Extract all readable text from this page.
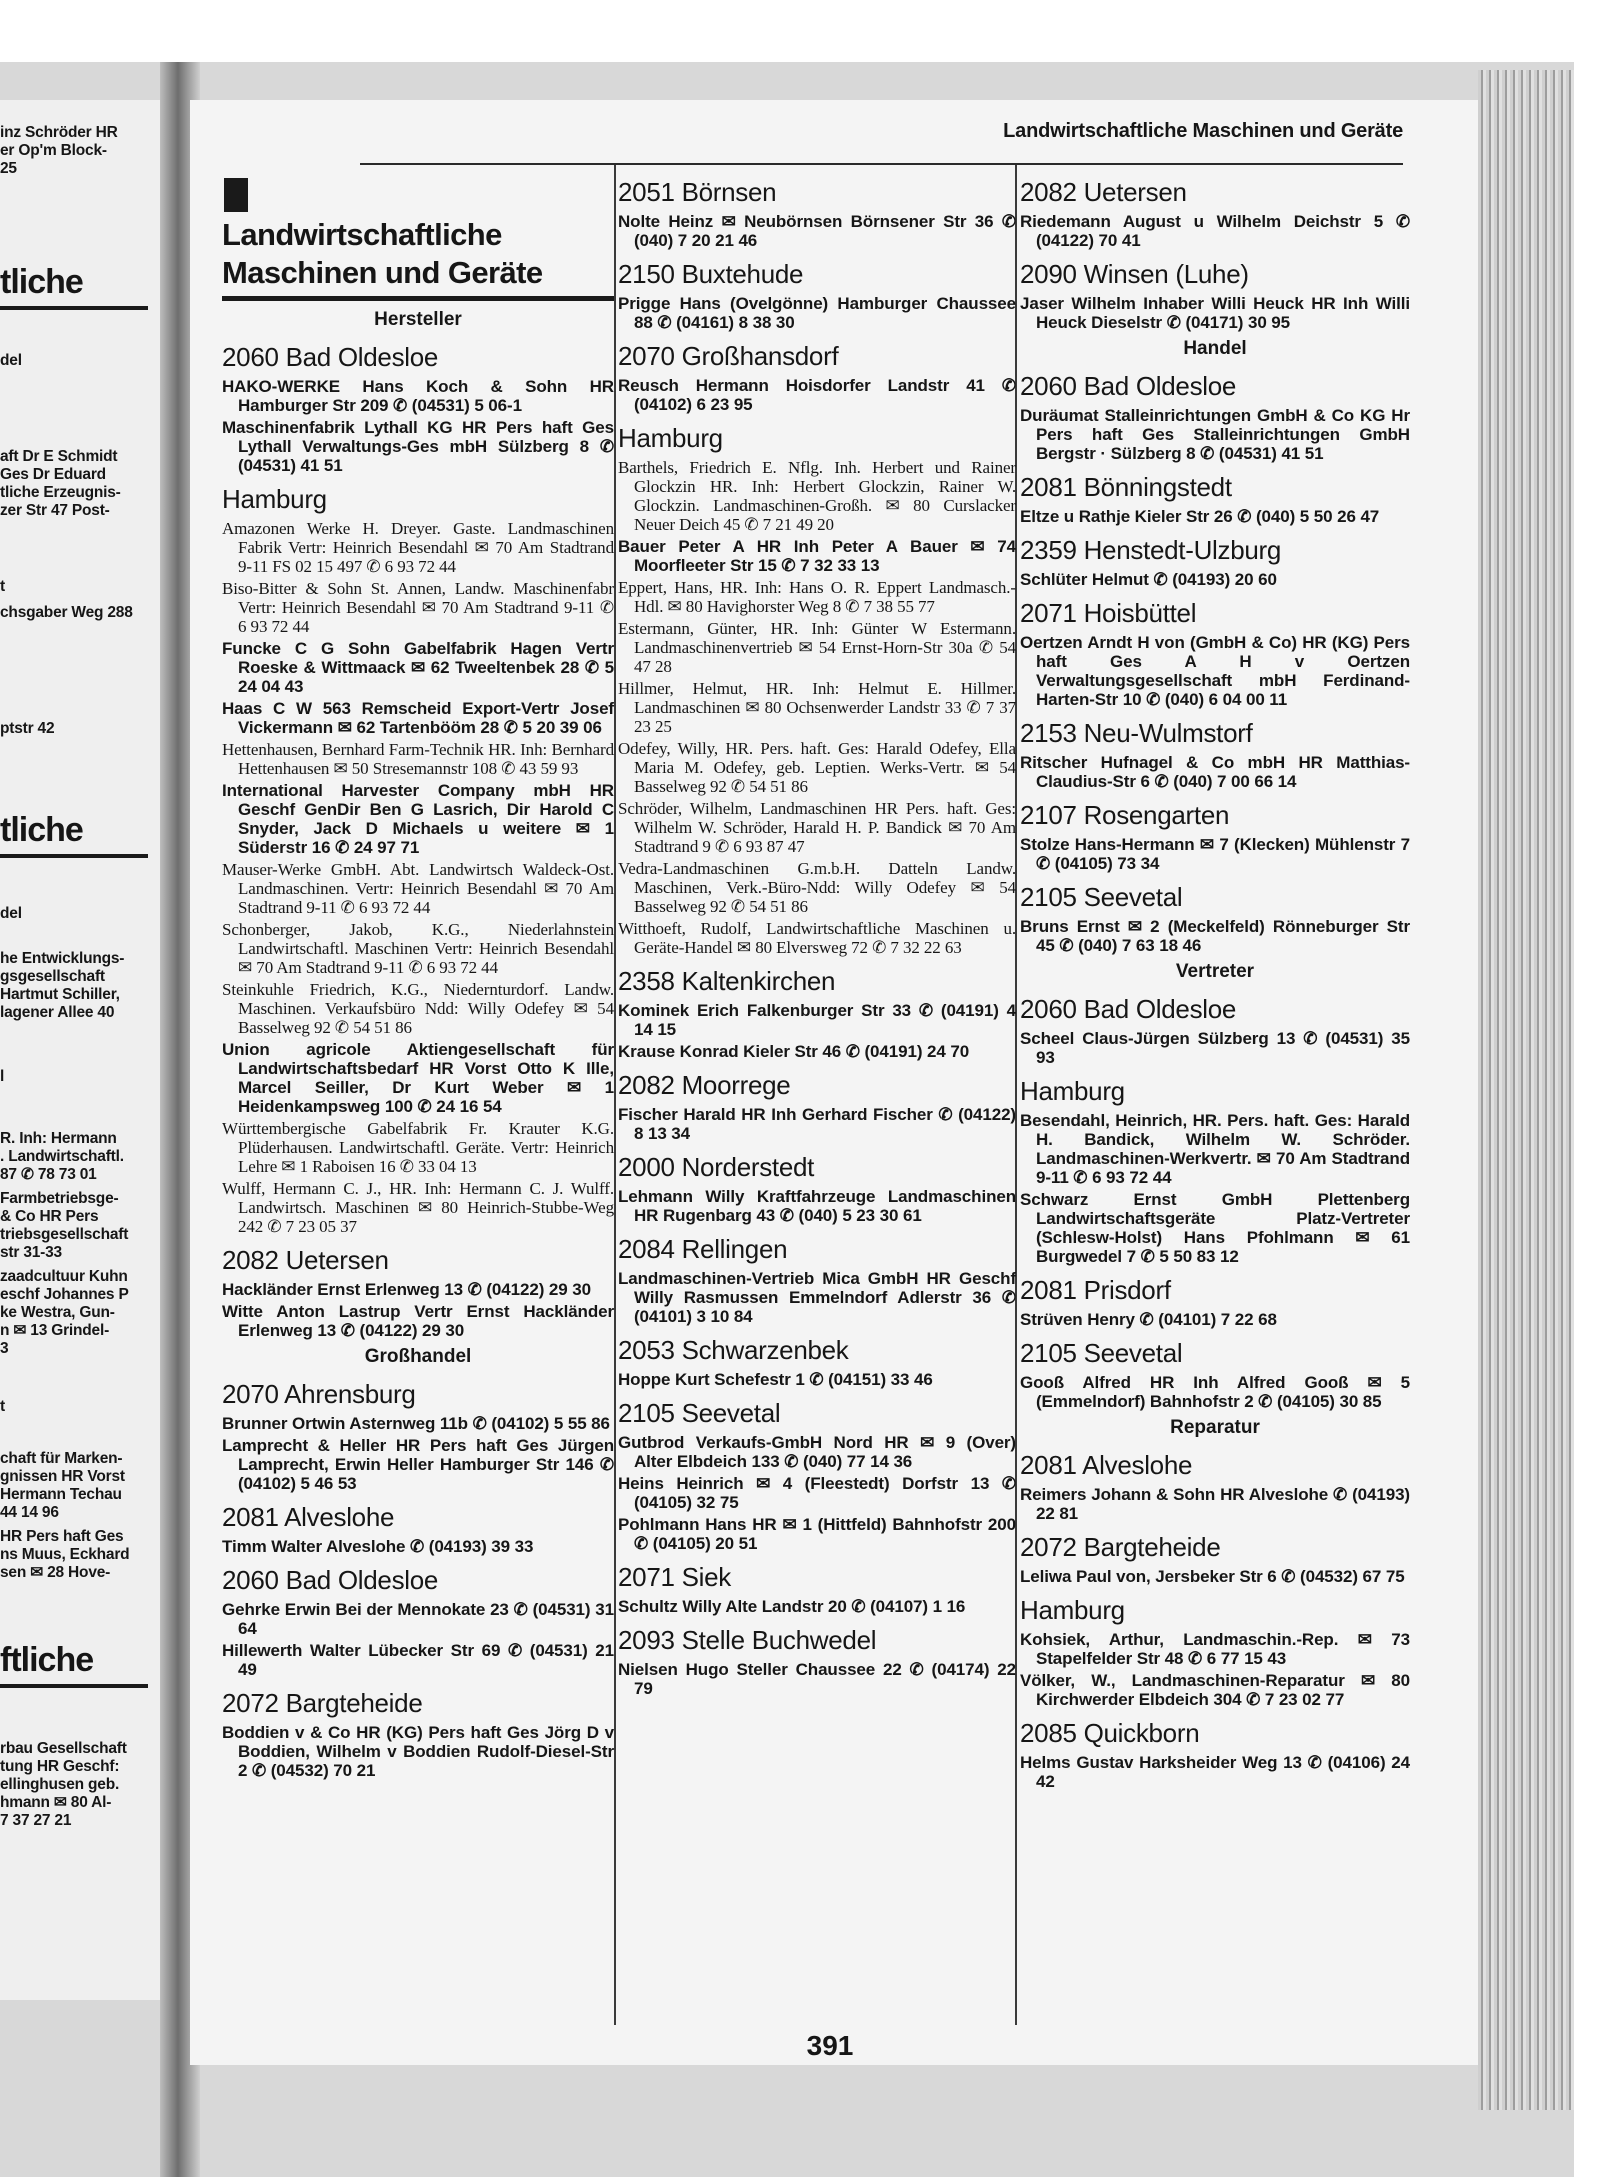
inz Schröder HR
er Op'm Block-
25
tliche
del
aft Dr E Schmidt
Ges Dr Eduard
tliche Erzeugnis-
zer Str 47 Post-
t
chsgaber Weg 288
ptstr 42
tliche
del
he Entwicklungs-
gsgesellschaft
Hartmut Schiller,
lagener Allee 40
l
R. Inh: Hermann
. Landwirtschaftl.
87 ✆ 78 73 01
Farmbetriebsge-
& Co HR Pers
triebsgesellschaft
str 31-33
zaadcultuur Kuhn
eschf Johannes P
ke Westra, Gun-
n ✉ 13 Grindel-
3
t
chaft für Marken-
gnissen HR Vorst
Hermann Techau
44 14 96
HR Pers haft Ges
ns Muus, Eckhard
sen ✉ 28 Hove-
ftliche
rbau Gesellschaft
tung HR Geschf:
ellinghusen geb.
hmann ✉ 80 Al-
7 37 27 21
Landwirtschaftliche Maschinen und Geräte
Landwirtschaftliche Maschinen und Geräte
Hersteller
2060 Bad Oldesloe
HAKO-WERKE Hans Koch & Sohn HR Hamburger Str 209 ✆ (04531) 5 06-1
Maschinenfabrik Lythall KG HR Pers haft Ges Lythall Verwaltungs-Ges mbH Sülzberg 8 ✆ (04531) 41 51
Hamburg
Amazonen Werke H. Dreyer. Gaste. Landmaschinen Fabrik Vertr: Heinrich Besendahl ✉ 70 Am Stadtrand 9-11 FS 02 15 497 ✆ 6 93 72 44
Biso-Bitter & Sohn St. Annen, Landw. Maschinenfabr Vertr: Heinrich Besendahl ✉ 70 Am Stadtrand 9-11 ✆ 6 93 72 44
Funcke C G Sohn Gabelfabrik Hagen Vertr Roeske & Wittmaack ✉ 62 Tweeltenbek 28 ✆ 5 24 04 43
Haas C W 563 Remscheid Export-Vertr Josef Vickermann ✉ 62 Tartenbööm 28 ✆ 5 20 39 06
Hettenhausen, Bernhard Farm-Technik HR. Inh: Bernhard Hettenhausen ✉ 50 Stresemannstr 108 ✆ 43 59 93
International Harvester Company mbH HR Geschf GenDir Ben G Lasrich, Dir Harold C Snyder, Jack D Michaels u weitere ✉ 1 Süderstr 16 ✆ 24 97 71
Mauser-Werke GmbH. Abt. Landwirtsch Waldeck-Ost. Landmaschinen. Vertr: Heinrich Besendahl ✉ 70 Am Stadtrand 9-11 ✆ 6 93 72 44
Schonberger, Jakob, K.G., Niederlahnstein Landwirtschaftl. Maschinen Vertr: Heinrich Besendahl ✉ 70 Am Stadtrand 9-11 ✆ 6 93 72 44
Steinkuhle Friedrich, K.G., Niedernturdorf. Landw. Maschinen. Verkaufsbüro Ndd: Willy Odefey ✉ 54 Basselweg 92 ✆ 54 51 86
Union agricole Aktiengesellschaft für Landwirtschaftsbedarf HR Vorst Otto K Ille, Marcel Seiller, Dr Kurt Weber ✉ 1 Heidenkampsweg 100 ✆ 24 16 54
Württembergische Gabelfabrik Fr. Krauter K.G. Plüderhausen. Landwirtschaftl. Geräte. Vertr: Heinrich Lehre ✉ 1 Raboisen 16 ✆ 33 04 13
Wulff, Hermann C. J., HR. Inh: Hermann C. J. Wulff. Landwirtsch. Maschinen ✉ 80 Heinrich-Stubbe-Weg 242 ✆ 7 23 05 37
2082 Uetersen
Hackländer Ernst Erlenweg 13 ✆ (04122) 29 30
Witte Anton Lastrup Vertr Ernst Hackländer Erlenweg 13 ✆ (04122) 29 30
Großhandel
2070 Ahrensburg
Brunner Ortwin Asternweg 11b ✆ (04102) 5 55 86
Lamprecht & Heller HR Pers haft Ges Jürgen Lamprecht, Erwin Heller Hamburger Str 146 ✆ (04102) 5 46 53
2081 Alveslohe
Timm Walter Alveslohe ✆ (04193) 39 33
2060 Bad Oldesloe
Gehrke Erwin Bei der Mennokate 23 ✆ (04531) 31 64
Hillewerth Walter Lübecker Str 69 ✆ (04531) 21 49
2072 Bargteheide
Boddien v & Co HR (KG) Pers haft Ges Jörg D v Boddien, Wilhelm v Boddien Rudolf-Diesel-Str 2 ✆ (04532) 70 21
2051 Börnsen
Nolte Heinz ✉ Neubörnsen Börnsener Str 36 ✆ (040) 7 20 21 46
2150 Buxtehude
Prigge Hans (Ovelgönne) Hamburger Chaussee 88 ✆ (04161) 8 38 30
2070 Großhansdorf
Reusch Hermann Hoisdorfer Landstr 41 ✆ (04102) 6 23 95
Hamburg
Barthels, Friedrich E. Nflg. Inh. Herbert und Rainer Glockzin HR. Inh: Herbert Glockzin, Rainer W. Glockzin. Landmaschinen-Großh. ✉ 80 Curslacker Neuer Deich 45 ✆ 7 21 49 20
Bauer Peter A HR Inh Peter A Bauer ✉ 74 Moorfleeter Str 15 ✆ 7 32 33 13
Eppert, Hans, HR. Inh: Hans O. R. Eppert Landmasch.-Hdl. ✉ 80 Havighorster Weg 8 ✆ 7 38 55 77
Estermann, Günter, HR. Inh: Günter W Estermann. Landmaschinenvertrieb ✉ 54 Ernst-Horn-Str 30a ✆ 54 47 28
Hillmer, Helmut, HR. Inh: Helmut E. Hillmer. Landmaschinen ✉ 80 Ochsenwerder Landstr 33 ✆ 7 37 23 25
Odefey, Willy, HR. Pers. haft. Ges: Harald Odefey, Ella Maria M. Odefey, geb. Leptien. Werks-Vertr. ✉ 54 Basselweg 92 ✆ 54 51 86
Schröder, Wilhelm, Landmaschinen HR Pers. haft. Ges: Wilhelm W. Schröder, Harald H. P. Bandick ✉ 70 Am Stadtrand 9 ✆ 6 93 87 47
Vedra-Landmaschinen G.m.b.H. Datteln Landw. Maschinen, Verk.-Büro-Ndd: Willy Odefey ✉ 54 Basselweg 92 ✆ 54 51 86
Witthoeft, Rudolf, Landwirtschaftliche Maschinen u. Geräte-Handel ✉ 80 Elversweg 72 ✆ 7 32 22 63
2358 Kaltenkirchen
Kominek Erich Falkenburger Str 33 ✆ (04191) 4 14 15
Krause Konrad Kieler Str 46 ✆ (04191) 24 70
2082 Moorrege
Fischer Harald HR Inh Gerhard Fischer ✆ (04122) 8 13 34
2000 Norderstedt
Lehmann Willy Kraftfahrzeuge Landmaschinen HR Rugenbarg 43 ✆ (040) 5 23 30 61
2084 Rellingen
Landmaschinen-Vertrieb Mica GmbH HR Geschf Willy Rasmussen Emmelndorf Adlerstr 36 ✆ (04101) 3 10 84
2053 Schwarzenbek
Hoppe Kurt Schefestr 1 ✆ (04151) 33 46
2105 Seevetal
Gutbrod Verkaufs-GmbH Nord HR ✉ 9 (Over) Alter Elbdeich 133 ✆ (040) 77 14 36
Heins Heinrich ✉ 4 (Fleestedt) Dorfstr 13 ✆ (04105) 32 75
Pohlmann Hans HR ✉ 1 (Hittfeld) Bahnhofstr 200 ✆ (04105) 20 51
2071 Siek
Schultz Willy Alte Landstr 20 ✆ (04107) 1 16
2093 Stelle Buchwedel
Nielsen Hugo Steller Chaussee 22 ✆ (04174) 22 79
2082 Uetersen
Riedemann August u Wilhelm Deichstr 5 ✆ (04122) 70 41
2090 Winsen (Luhe)
Jaser Wilhelm Inhaber Willi Heuck HR Inh Willi Heuck Dieselstr ✆ (04171) 30 95
Handel
2060 Bad Oldesloe
Duräumat Stalleinrichtungen GmbH & Co KG Hr Pers haft Ges Stalleinrichtungen GmbH Bergstr · Sülzberg 8 ✆ (04531) 41 51
2081 Bönningstedt
Eltze u Rathje Kieler Str 26 ✆ (040) 5 50 26 47
2359 Henstedt-Ulzburg
Schlüter Helmut ✆ (04193) 20 60
2071 Hoisbüttel
Oertzen Arndt H von (GmbH & Co) HR (KG) Pers haft Ges A H v Oertzen Verwaltungsgesellschaft mbH Ferdinand-Harten-Str 10 ✆ (040) 6 04 00 11
2153 Neu-Wulmstorf
Ritscher Hufnagel & Co mbH HR Matthias-Claudius-Str 6 ✆ (040) 7 00 66 14
2107 Rosengarten
Stolze Hans-Hermann ✉ 7 (Klecken) Mühlenstr 7 ✆ (04105) 73 34
2105 Seevetal
Bruns Ernst ✉ 2 (Meckelfeld) Rönneburger Str 45 ✆ (040) 7 63 18 46
Vertreter
2060 Bad Oldesloe
Scheel Claus-Jürgen Sülzberg 13 ✆ (04531) 35 93
Hamburg
Besendahl, Heinrich, HR. Pers. haft. Ges: Harald H. Bandick, Wilhelm W. Schröder. Landmaschinen-Werkvertr. ✉ 70 Am Stadtrand 9-11 ✆ 6 93 72 44
Schwarz Ernst GmbH Plettenberg Landwirtschaftsgeräte Platz-Vertreter (Schlesw-Holst) Hans Pfohlmann ✉ 61 Burgwedel 7 ✆ 5 50 83 12
2081 Prisdorf
Strüven Henry ✆ (04101) 7 22 68
2105 Seevetal
Gooß Alfred HR Inh Alfred Gooß ✉ 5 (Emmelndorf) Bahnhofstr 2 ✆ (04105) 30 85
Reparatur
2081 Alveslohe
Reimers Johann & Sohn HR Alveslohe ✆ (04193) 22 81
2072 Bargteheide
Leliwa Paul von, Jersbeker Str 6 ✆ (04532) 67 75
Hamburg
Kohsiek, Arthur, Landmaschin.-Rep. ✉ 73 Stapelfelder Str 48 ✆ 6 77 15 43
Völker, W., Landmaschinen-Reparatur ✉ 80 Kirchwerder Elbdeich 304 ✆ 7 23 02 77
2085 Quickborn
Helms Gustav Harksheider Weg 13 ✆ (04106) 24 42
391
